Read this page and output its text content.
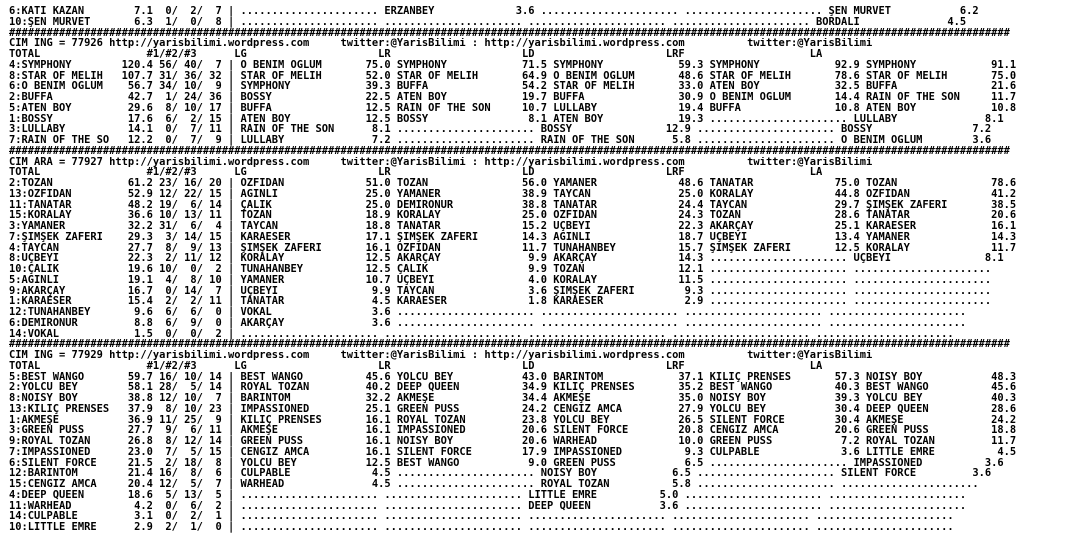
6:KATI KAZAN        7.1  0/  2/  7 | ...................... ERZANBEY             3.6 ...................... ...................... ŞEN MÜRVET           6.2
10:ŞEN MÜRVET       6.3  1/  0/  8 | ...................... ...................... ...................... ...................... BORDALI              4.5
################################################################################################################################################################
CIM ING = 77926 http://yarisbilimi.wordpress.com     twitter:@YarisBilimi : http://yarisbilimi.wordpress.com          twitter:@YarisBilimi
TOTAL                 #1/#2/#3      LG                     LR                     LD                     LRF                    LA
4:SYMPHONY        120.4 56/ 40/  7 | O BENİM OĞLUM       75.0 SYMPHONY            71.5 SYMPHONY            59.3 SYMPHONY            92.9 SYMPHONY            91.1
8:STAR OF MELİH   107.7 31/ 36/ 32 | STAR OF MELİH       52.0 STAR OF MELİH       64.9 O BENİM OĞLUM       48.6 STAR OF MELİH       78.6 STAR OF MELİH       75.0
6:O BENİM OĞLUM    56.7 34/ 10/  9 | SYMPHONY            39.3 BUFFA               54.2 STAR OF MELİH       33.0 ATEN BOY            32.5 BUFFA               21.6
2:BUFFA            42.7  1/ 24/ 36 | BOSSY               22.5 ATEN BOY            19.7 BUFFA               30.9 O BENİM OĞLUM       14.4 RAIN OF THE SON     11.7
5:ATEN BOY         29.6  8/ 10/ 17 | BUFFA               12.5 RAIN OF THE SON     10.7 LULLABY             19.4 BUFFA               10.8 ATEN BOY            10.8
1:BOSSY            17.6  6/  2/ 15 | ATEN BOY            12.5 BOSSY                8.1 ATEN BOY            19.3 ...................... LULLABY              8.1
3:LULLABY          14.1  0/  7/ 11 | RAIN OF THE SON      8.1 ...................... BOSSY               12.9 ...................... BOSSY                7.2
7:RAIN OF THE SO   12.2  0/  7/  9 | LULLABY              7.2 ...................... RAIN OF THE SON      5.8 ...................... O BENİM OĞLUM        3.6
################################################################################################################################################################
CIM ARA = 77927 http://yarisbilimi.wordpress.com     twitter:@YarisBilimi : http://yarisbilimi.wordpress.com          twitter:@YarisBilimi
TOTAL                 #1/#2/#3      LG                     LR                     LD                     LRF                    LA
2:TOZAN            61.2 23/ 16/ 20 | ÖZFİDAN             51.0 TOZAN               56.0 YAMANER             48.6 TANATAR             75.0 TOZAN               78.6
13:ÖZFİDAN         52.9 12/ 22/ 15 | AĞINLI              25.0 YAMANER             38.9 TAYCAN              25.0 KORALAY             44.8 ÖZFİDAN             41.2
11:TANATAR         48.2 19/  6/ 14 | ÇALIK               25.0 DEMİRONUR           38.8 TANATAR             24.4 TAYCAN              29.7 ŞİMŞEK ZAFERİ       38.5
15:KORALAY         36.6 10/ 13/ 11 | TOZAN               18.9 KORALAY             25.0 ÖZFİDAN             24.3 TOZAN               28.6 TANATAR             20.6
3:YAMANER          32.2 31/  6/  4 | TAYCAN              18.8 TANATAR             15.2 UÇBEYİ              22.3 AKARÇAY             25.1 KARAESER            16.1
7:ŞİMŞEK ZAFERİ    29.3  3/ 14/ 15 | KARAESER            17.1 ŞİMŞEK ZAFERİ       14.3 AĞINLI              18.7 UÇBEYİ              13.4 YAMANER             14.3
4:TAYCAN           27.7  8/  9/ 13 | ŞİMŞEK ZAFERİ       16.1 ÖZFİDAN             11.7 TUNAHANBEY          15.7 ŞİMŞEK ZAFERİ       12.5 KORALAY             11.7
8:UÇBEYİ           22.3  2/ 11/ 12 | KORALAY             12.5 AKARÇAY              9.9 AKARÇAY             14.3 ...................... UÇBEYİ               8.1
10:ÇALIK           19.6 10/  0/  2 | TUNAHANBEY          12.5 ÇALIK                9.9 TOZAN               12.1 ...................... ......................
5:AĞINLI           19.1  4/  8/ 10 | YAMANER             10.7 UÇBEYİ               4.0 KORALAY             11.5 ...................... ......................
9:AKARÇAY          16.7  0/ 14/  7 | UÇBEYİ               9.9 TAYCAN               3.6 ŞİMŞEK ZAFERİ        9.3 ...................... ......................
1:KARAESER         15.4  2/  2/ 11 | TANATAR              4.5 KARAESER             1.8 KARAESER             2.9 ...................... ......................
12:TUNAHANBEY       9.6  6/  6/  0 | VOKAL                3.6 ...................... ...................... ...................... ......................
6:DEMİRONUR         8.8  6/  9/  0 | AKARÇAY              3.6 ...................... ...................... ...................... ......................
14:VOKAL            1.5  0/  0/  2 | ...................... ...................... ...................... ...................... ......................
################################################################################################################################################################
CIM ING = 77929 http://yarisbilimi.wordpress.com     twitter:@YarisBilimi : http://yarisbilimi.wordpress.com          twitter:@YarisBilimi
TOTAL                 #1/#2/#3      LG                     LR                     LD                     LRF                    LA
5:BEST WANGO       59.7 16/ 10/ 14 | BEST WANGO          45.6 YOLCU BEY           43.0 BARINTOM            37.1 KILIÇ PRENSES       57.3 NOISY BOY           48.3
2:YOLCU BEY        58.1 28/  5/ 14 | ROYAL TOZAN         40.2 DEEP QUEEN          34.9 KILIÇ PRENSES       35.2 BEST WANGO          40.3 BEST WANGO          45.6
8:NOISY BOY        38.8 12/ 10/  7 | BARINTOM            32.2 AKMEŞE              34.4 AKMEŞE              35.0 NOISY BOY           39.3 YOLCU BEY           40.3
13:KILIÇ PRENSES   37.9  8/ 10/ 23 | IMPASSIONED         25.1 GREEN PUSS          24.2 CENGİZ AMCA         27.9 YOLCU BEY           30.4 DEEP QUEEN          28.6
1:AKMEŞE           36.9 11/ 25/  9 | KILIÇ PRENSES       16.1 ROYAL TOZAN         23.8 YOLCU BEY           26.5 SILENT FORCE        30.4 AKMEŞE              24.2
3:GREEN PUSS       27.7  9/  6/ 11 | AKMEŞE              16.1 IMPASSIONED         20.6 SILENT FORCE        20.8 CENGİZ AMCA         20.6 GREEN PUSS          18.8
9:ROYAL TOZAN      26.8  8/ 12/ 14 | GREEN PUSS          16.1 NOISY BOY           20.6 WARHEAD             10.0 GREEN PUSS           7.2 ROYAL TOZAN         11.7
7:IMPASSIONED      23.0  7/  5/ 15 | CENGİZ AMCA         16.1 SILENT FORCE        17.9 IMPASSIONED          9.3 CULPABLE             3.6 LITTLE EMRE          4.5
6:SILENT FORCE     21.5  2/ 18/  8 | YOLCU BEY           12.5 BEST WANGO           9.0 GREEN PUSS           6.5 ...................... IMPASSIONED          3.6
12:BARINTOM        21.4 16/  8/  6 | CULPABLE             4.5 ...................... NOISY BOY            6.5 ...................... SILENT FORCE         3.6
15:CENGİZ AMCA     20.4 12/  5/  7 | WARHEAD              4.5 ...................... ROYAL TOZAN          5.8 ...................... ......................
4:DEEP QUEEN       18.6  5/ 13/  5 | ...................... ...................... LITTLE EMRE          5.0 ...................... ......................
11:WARHEAD          4.2  0/  6/  2 | ...................... ...................... DEEP QUEEN           3.6 ...................... ......................
14:CULPABLE         3.1  0/  2/  1 | ...................... ...................... ...................... ...................... ......................
10:LITTLE EMRE      2.9  2/  1/  0 | ...................... ...................... ...................... ...................... ......................
